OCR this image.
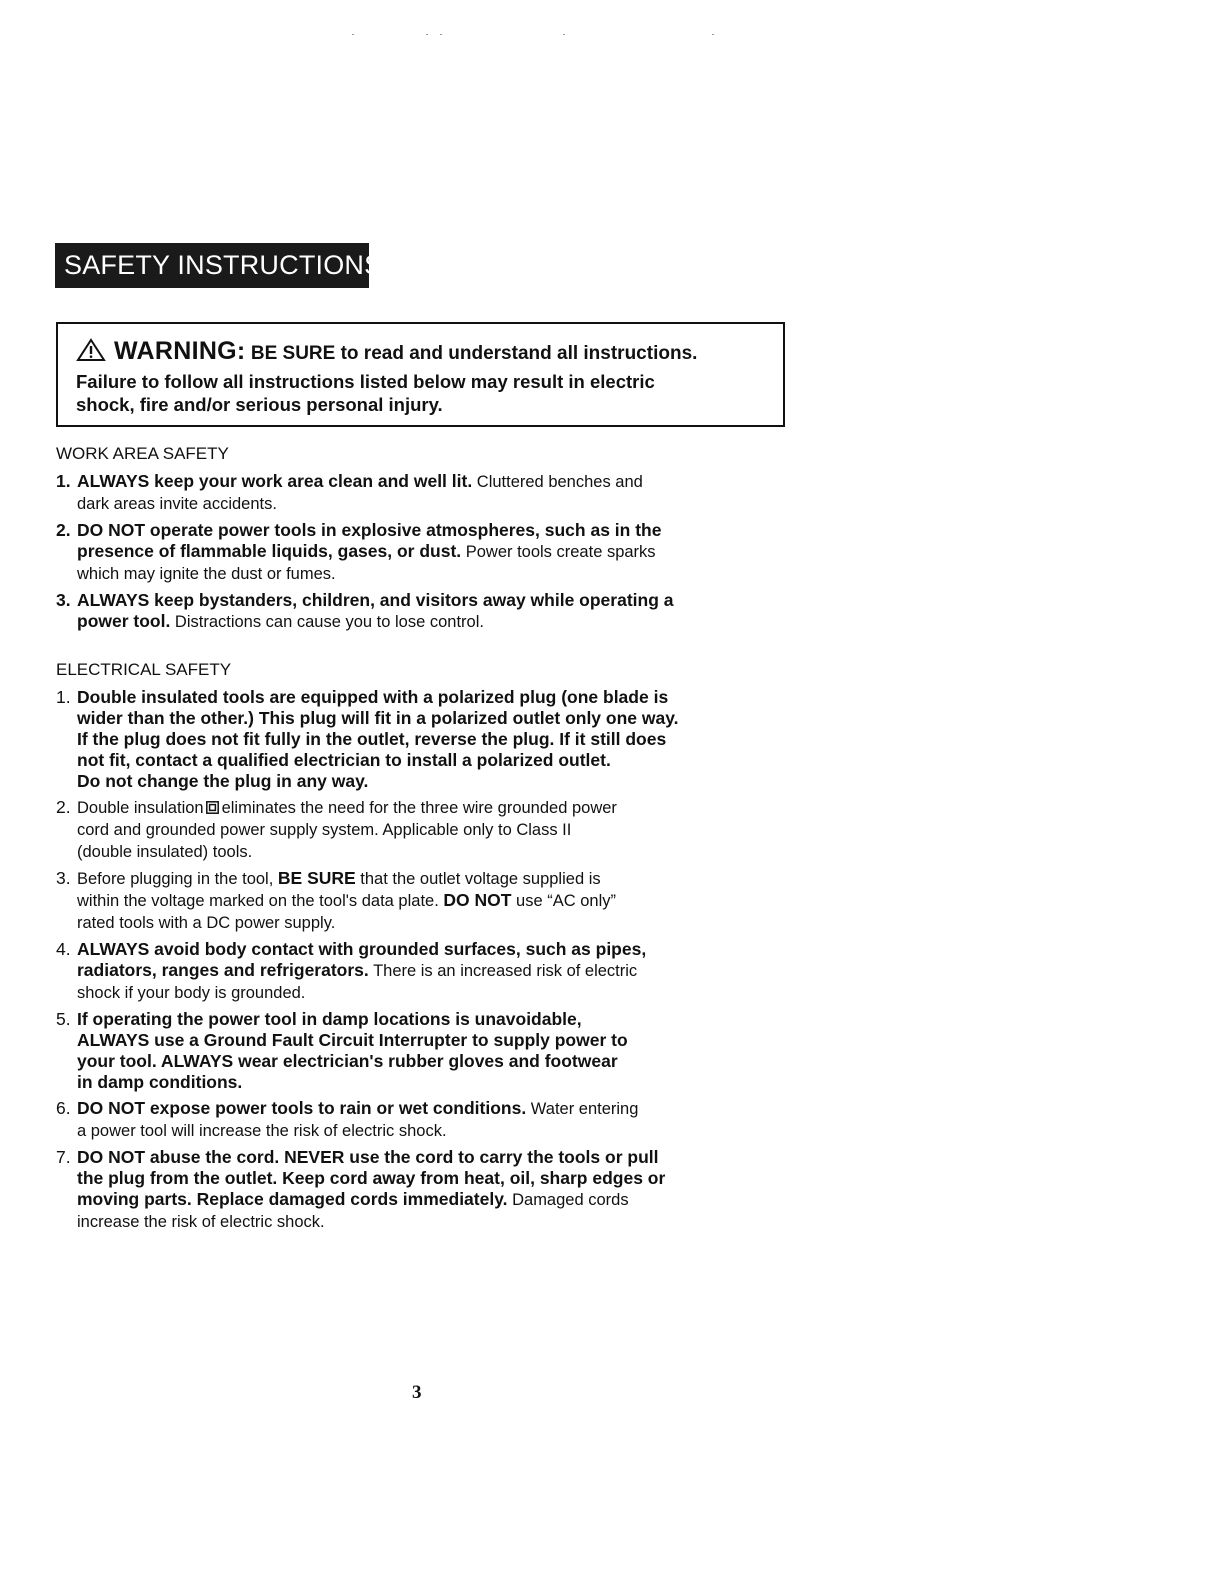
SAFETY INSTRUCTIONS
WARNING: BE SURE to read and understand all instructions.
Failure to follow all instructions listed below may result in electric
shock, fire and/or serious personal injury.
WORK AREA SAFETY
1. ALWAYS keep your work area clean and well lit. Cluttered benches and
dark areas invite accidents.
2. DO NOT operate power tools in explosive atmospheres, such as in the
presence of flammable liquids, gases, or dust. Power tools create sparks
which may ignite the dust or fumes.
3. ALWAYS keep bystanders, children, and visitors away while operating a
power tool. Distractions can cause you to lose control.
ELECTRICAL SAFETY
1. Double insulated tools are equipped with a polarized plug (one blade is
wider than the other.) This plug will fit in a polarized outlet only one way.
If the plug does not fit fully in the outlet, reverse the plug. If it still does
not fit, contact a qualified electrician to install a polarized outlet.
Do not change the plug in any way.
2. Double insulation eliminates the need for the three wire grounded power
cord and grounded power supply system. Applicable only to Class II
(double insulated) tools.
3. Before plugging in the tool, BE SURE that the outlet voltage supplied is
within the voltage marked on the tool's data plate. DO NOT use “AC only”
rated tools with a DC power supply.
4. ALWAYS avoid body contact with grounded surfaces, such as pipes,
radiators, ranges and refrigerators. There is an increased risk of electric
shock if your body is grounded.
5. If operating the power tool in damp locations is unavoidable,
ALWAYS use a Ground Fault Circuit Interrupter to supply power to
your tool. ALWAYS wear electrician's rubber gloves and footwear
in damp conditions.
6. DO NOT expose power tools to rain or wet conditions. Water entering
a power tool will increase the risk of electric shock.
7. DO NOT abuse the cord. NEVER use the cord to carry the tools or pull
the plug from the outlet. Keep cord away from heat, oil, sharp edges or
moving parts. Replace damaged cords immediately. Damaged cords
increase the risk of electric shock.
3
